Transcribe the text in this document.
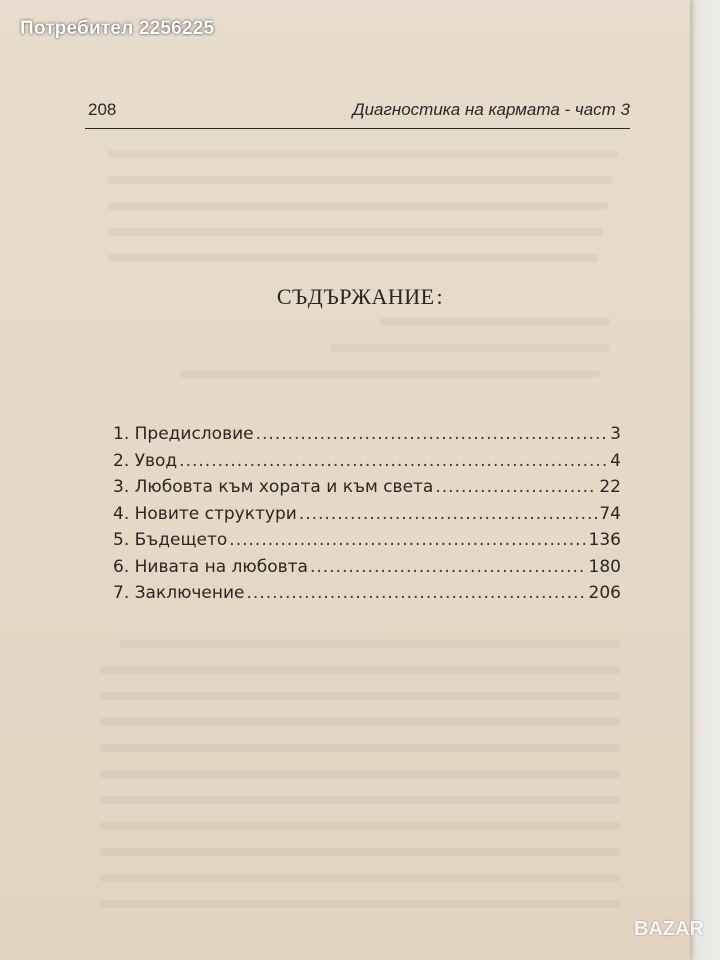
208	Диагностика на кармата - част 3
СЪДЪРЖАНИЕ:
1. Предисловие .....	3
2. Увод .....	4
3. Любовта към хората и към света .....	22
4. Новите структури .....	74
5. Бъдещето .....	136
6. Нивата на любовта .....	180
7. Заключение .....	206
Потребител 2256225
BAZAR
